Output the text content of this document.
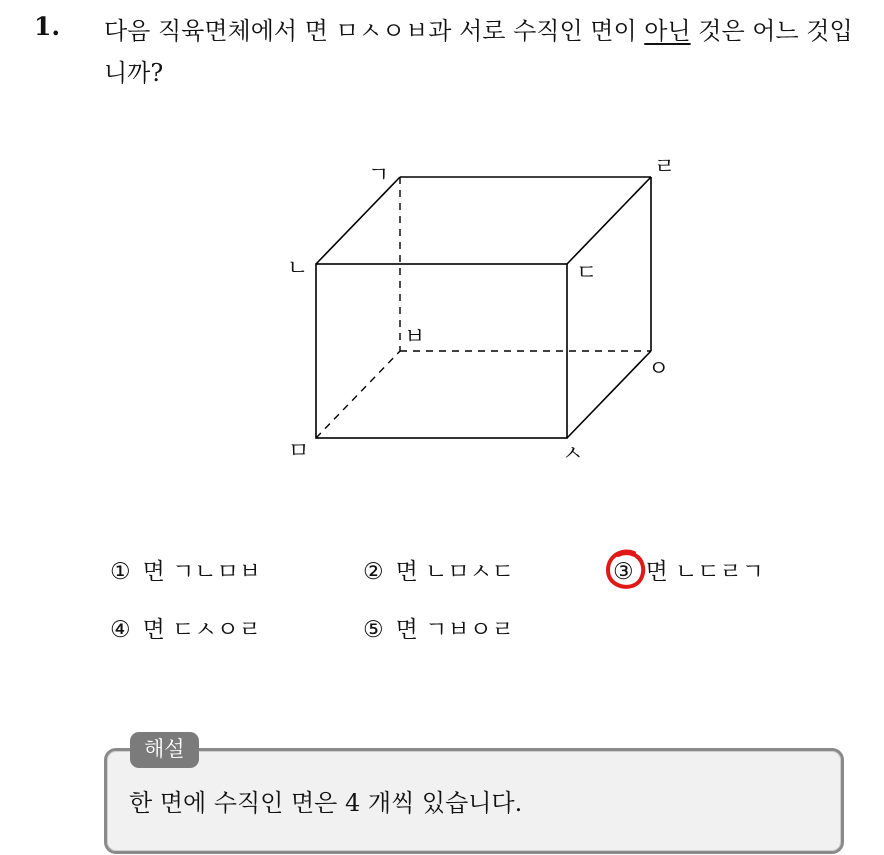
1. 다음 직육면체에서 면 ㅁㅅㅇㅂ과 서로 수직인 면이 아닌 것은 어느 것입니까?
ㄱ	ㄹ
ㄴ	ㄷ
ㅂ
ㅇ
ㅁ	ㅅ
① 면 ㄱㄴㅁㅂ	② 면 ㄴㅁㅅㄷ	③ 면 ㄴㄷㄹㄱ
④ 면 ㄷㅅㅇㄹ	⑤ 면 ㄱㅂㅇㄹ
해설
한 면에 수직인 면은 4 개씩 있습니다.
